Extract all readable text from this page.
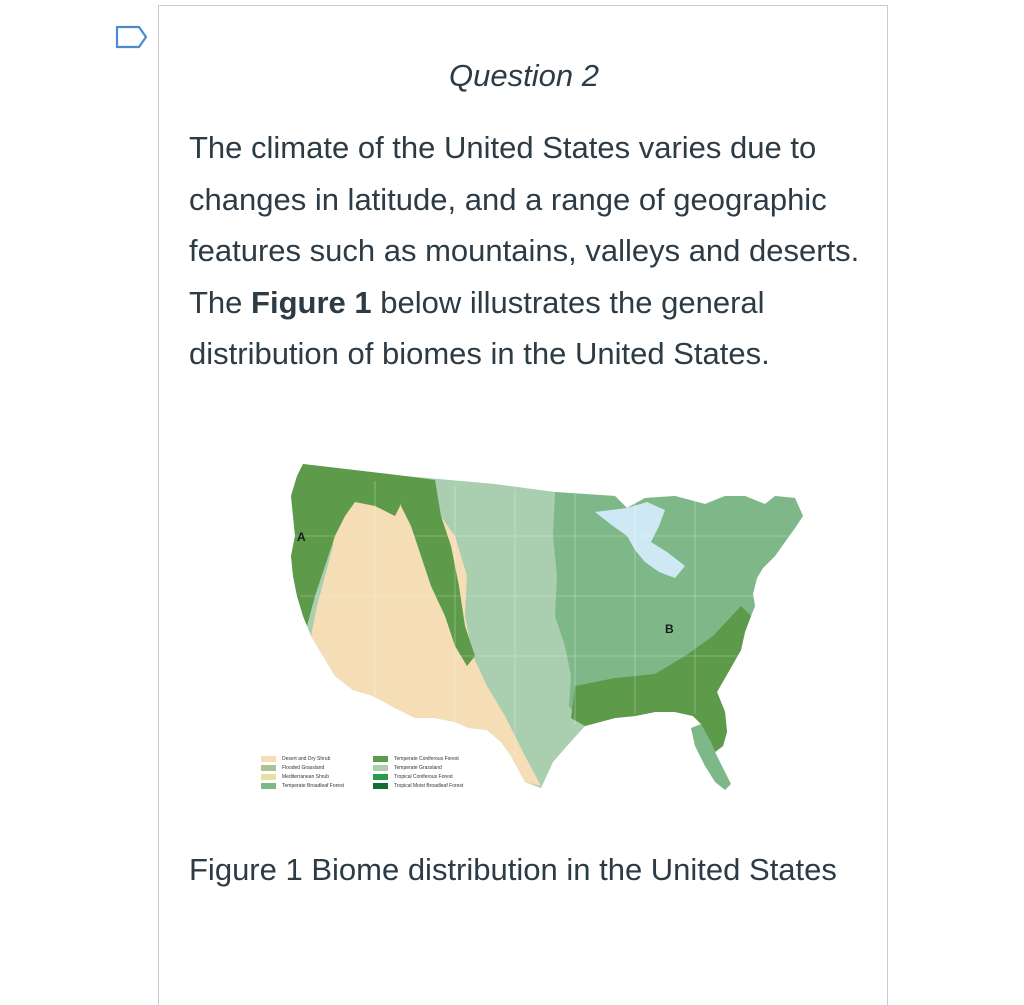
Question 2
The climate of the United States varies due to changes in latitude, and a range of geographic features such as mountains, valleys and deserts. The Figure 1 below illustrates the general distribution of biomes in the United States.
A
B
Desert and Dry Shrub
Flooded Grassland
Mediterranean Shrub
Temperate Broadleaf Forest
Temperate Coniferous Forest
Temperate Grassland
Tropical Coniferous Forest
Tropical Moist Broadleaf Forest
Figure 1 Biome distribution in the United States
